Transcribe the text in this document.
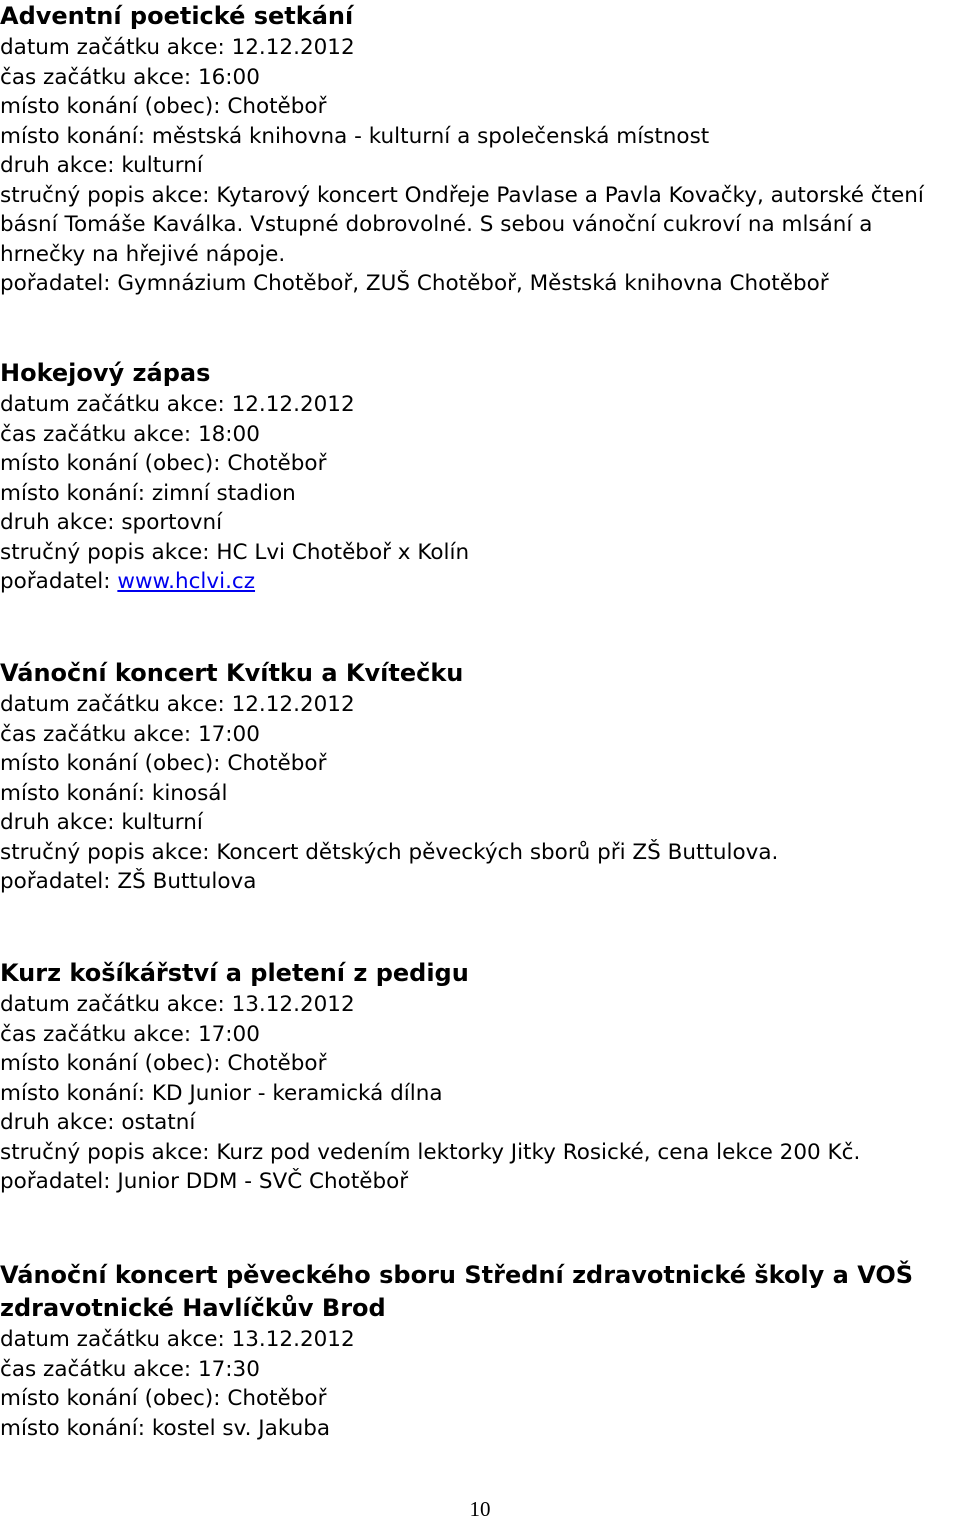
Adventní poetické setkání

datum začátku akce: 12.12.2012

čas začátku akce: 16:00

místo konání (obec): Chotěboř

místo konání: městská knihovna - kulturní a společenská místnost

druh akce: kulturní

stručný popis akce: Kytarový koncert Ondřeje Pavlase a Pavla Kovačky, autorské čtení básní Tomáše Kaválka. Vstupné dobrovolné. S sebou vánoční cukroví na mlsání a hrnečky na hřejivé nápoje.

pořadatel: Gymnázium Chotěboř, ZUŠ Chotěboř, Městská knihovna Chotěboř

Hokejový zápas

datum začátku akce: 12.12.2012

čas začátku akce: 18:00

místo konání (obec): Chotěboř

místo konání: zimní stadion

druh akce: sportovní

stručný popis akce: HC Lvi Chotěboř x Kolín

pořadatel: www.hclvi.cz

Vánoční koncert Kvítku a Kvítečku

datum začátku akce: 12.12.2012

čas začátku akce: 17:00

místo konání (obec): Chotěboř

místo konání: kinosál

druh akce: kulturní

stručný popis akce: Koncert dětských pěveckých sborů při ZŠ Buttulova.

pořadatel: ZŠ Buttulova

Kurz košíkářství a pletení z pedigu

datum začátku akce: 13.12.2012

čas začátku akce: 17:00

místo konání (obec): Chotěboř

místo konání: KD Junior - keramická dílna

druh akce: ostatní

stručný popis akce: Kurz pod vedením lektorky Jitky Rosické, cena lekce 200 Kč.

pořadatel: Junior DDM - SVČ Chotěboř

Vánoční koncert pěveckého sboru Střední zdravotnické školy a VOŠ zdravotnické Havlíčkův Brod

datum začátku akce: 13.12.2012

čas začátku akce: 17:30

místo konání (obec): Chotěboř

místo konání: kostel sv. Jakuba

10
